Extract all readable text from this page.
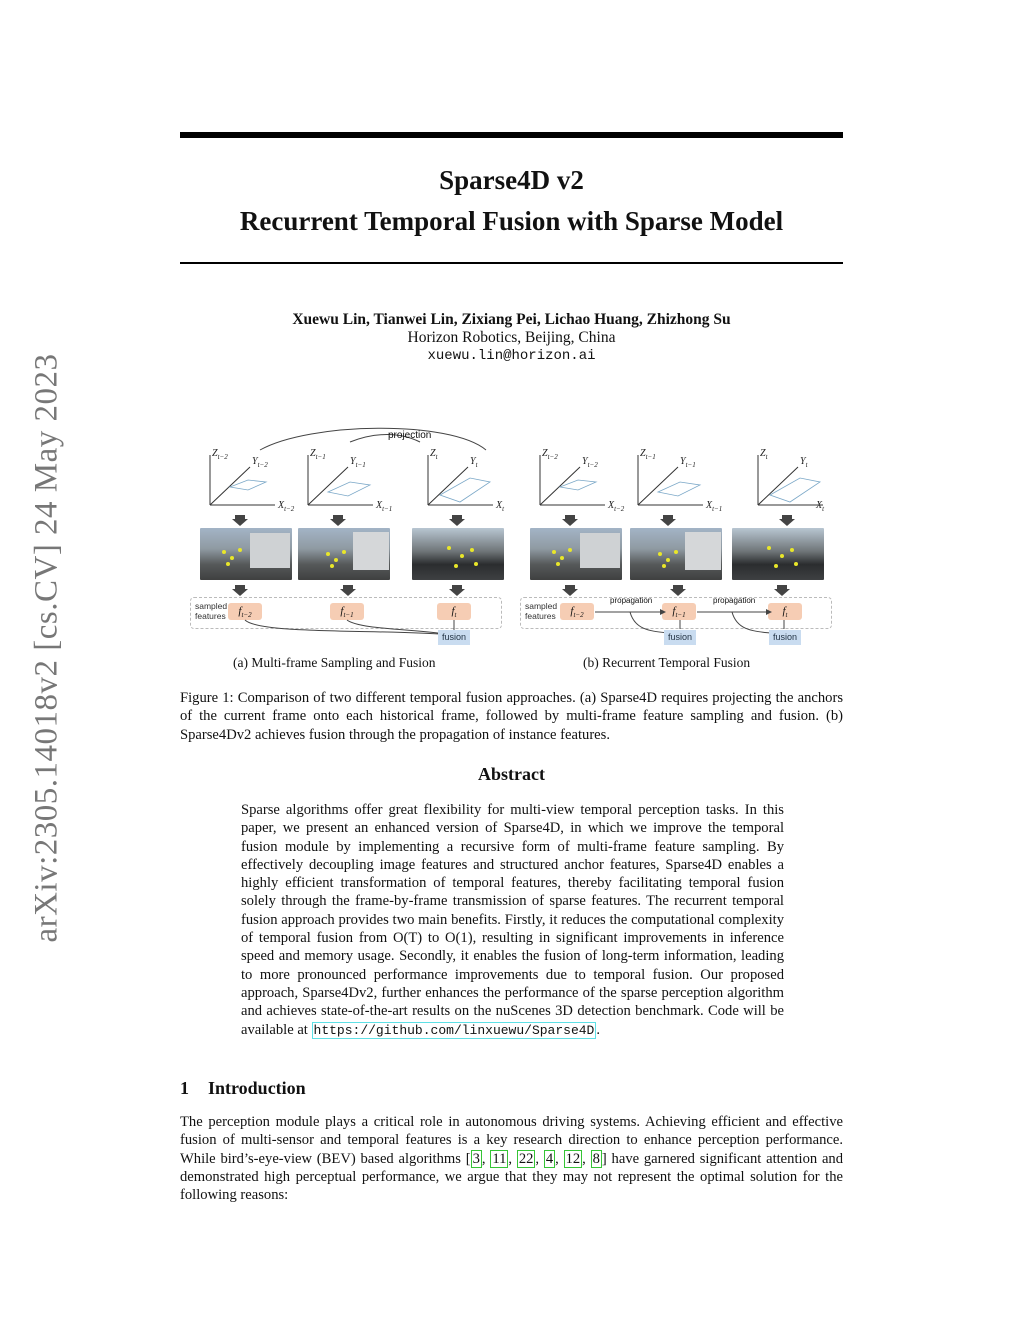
arXiv:2305.14018v2 [cs.CV] 24 May 2023
Sparse4D v2
Recurrent Temporal Fusion with Sparse Model
Xuewu Lin, Tianwei Lin, Zixiang Pei, Lichao Huang, Zhizhong Su
Horizon Robotics, Beijing, China
xuewu.lin@horizon.ai
projection
$Z_{t-2}$	$Z_{t-1}$	$Z_t$
$Y_{t-2}$	$Y_{t-1}$	$Y_t$
$X_{t-2}$	$X_{t-1}$	$X_t$
sampled
features	$f_{t-2}$	$f_{t-1}$	$f_t$
fusion
$Z_{t-2}$	$Z_{t-1}$	$Z_t$
$Y_{t-2}$	$Y_{t-1}$	$Y_t$
$X_{t-2}$	$X_{t-1}$	$X_t$
sampled
features	$f_{t-2}$	$f_{t-1}$	$f_t$
propagation	propagation
fusion	fusion
(a) Multi-frame Sampling and Fusion	(b) Recurrent Temporal Fusion
Figure 1: Comparison of two different temporal fusion approaches. (a) Sparse4D requires projecting the anchors of the current frame onto each historical frame, followed by multi-frame feature sampling and fusion. (b) Sparse4Dv2 achieves fusion through the propagation of instance features.
Abstract
Sparse algorithms offer great flexibility for multi-view temporal perception tasks. In this paper, we present an enhanced version of Sparse4D, in which we improve the temporal fusion module by implementing a recursive form of multi-frame feature sampling. By effectively decoupling image features and structured anchor features, Sparse4D enables a highly efficient transformation of temporal features, thereby facilitating temporal fusion solely through the frame-by-frame transmission of sparse features. The recurrent temporal fusion approach provides two main benefits. Firstly, it reduces the computational complexity of temporal fusion from O(T) to O(1), resulting in significant improvements in inference speed and memory usage. Secondly, it enables the fusion of long-term information, leading to more pronounced performance improvements due to temporal fusion. Our proposed approach, Sparse4Dv2, further enhances the performance of the sparse perception algorithm and achieves state-of-the-art results on the nuScenes 3D detection benchmark. Code will be available at https://github.com/linxuewu/Sparse4D .
1 Introduction
The perception module plays a critical role in autonomous driving systems. Achieving efficient and effective fusion of multi-sensor and temporal features is a key research direction to enhance perception performance. While bird’s-eye-view (BEV) based algorithms [ 3 , 11 , 22 , 4 , 12 , 8 ] have garnered significant attention and demonstrated high perceptual performance, we argue that they may not represent the optimal solution for the following reasons:
